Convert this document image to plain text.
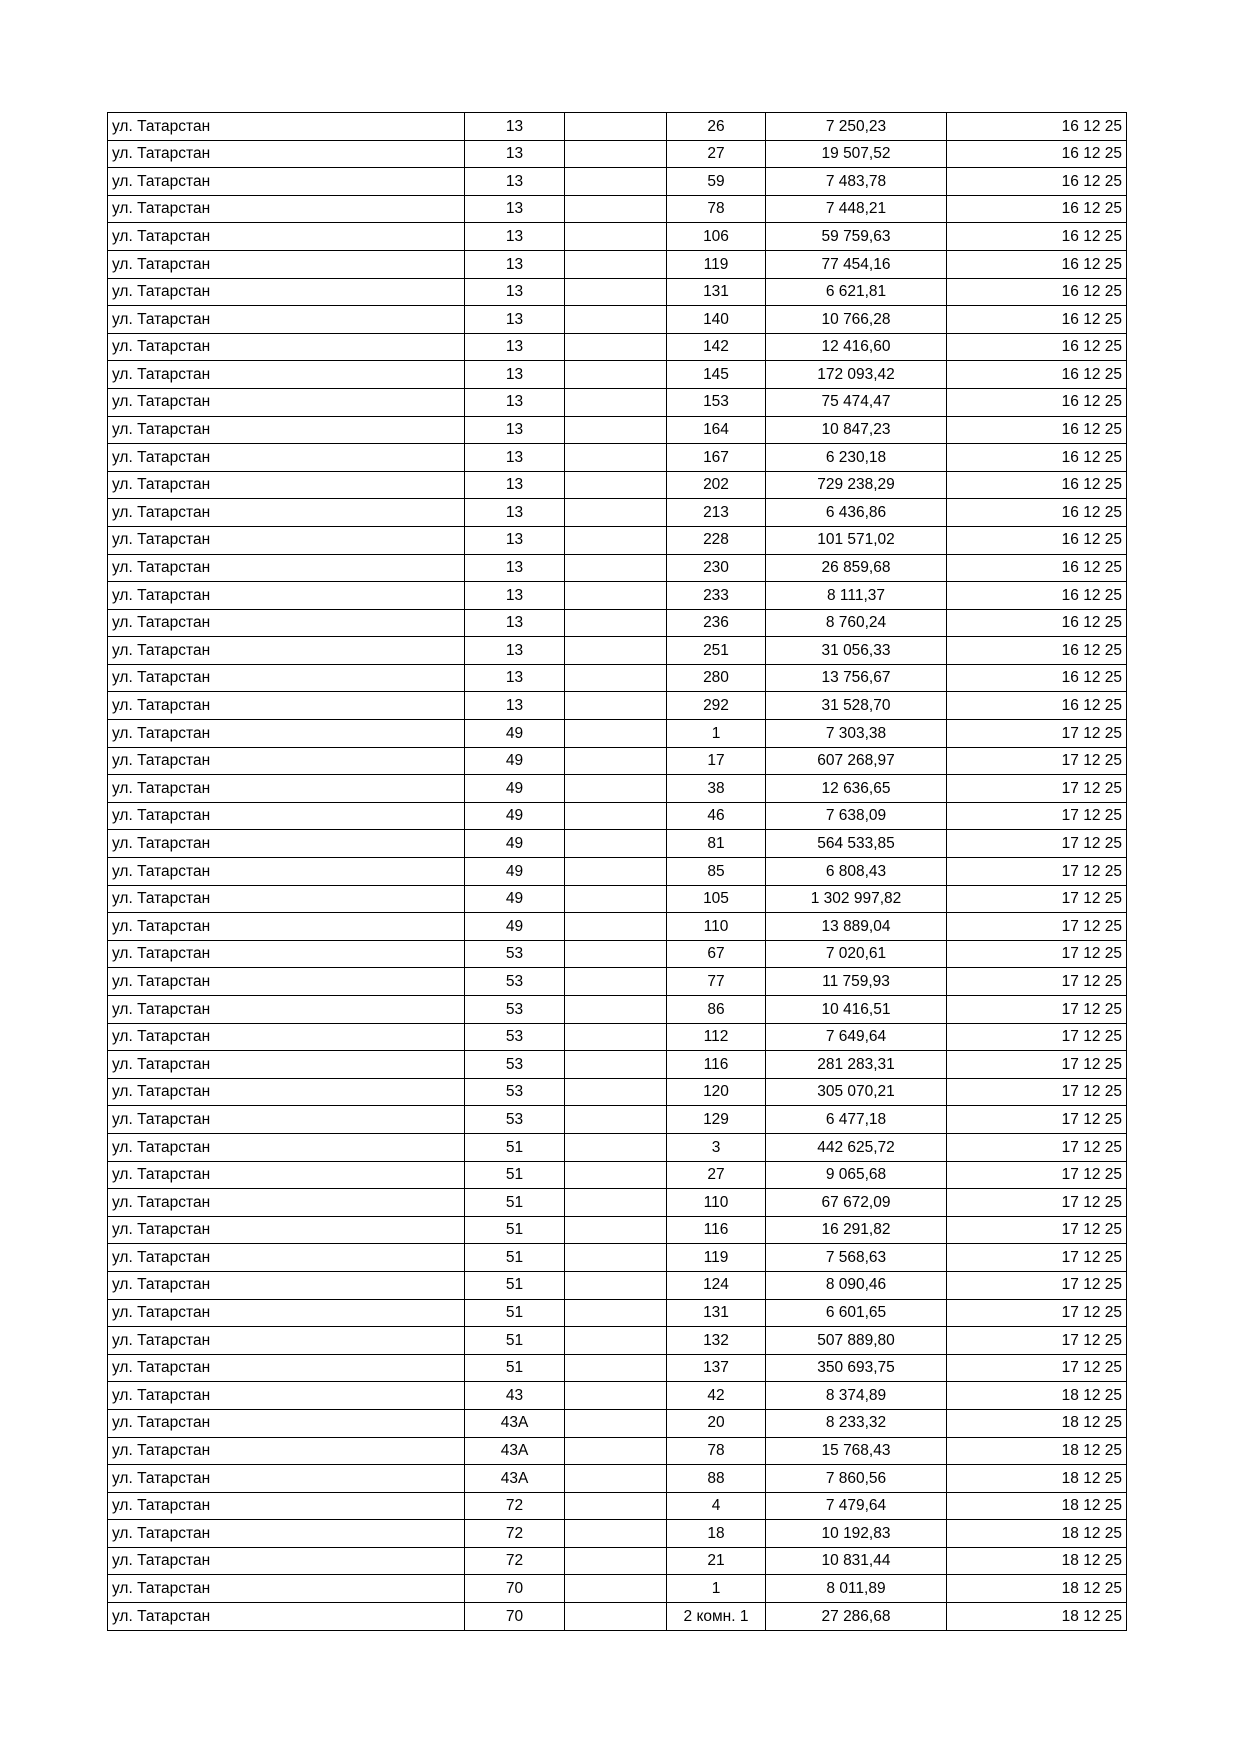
ул. Татарстан	13		26	7 250,23	16 12 25
ул. Татарстан	13		27	19 507,52	16 12 25
ул. Татарстан	13		59	7 483,78	16 12 25
ул. Татарстан	13		78	7 448,21	16 12 25
ул. Татарстан	13		106	59 759,63	16 12 25
ул. Татарстан	13		119	77 454,16	16 12 25
ул. Татарстан	13		131	6 621,81	16 12 25
ул. Татарстан	13		140	10 766,28	16 12 25
ул. Татарстан	13		142	12 416,60	16 12 25
ул. Татарстан	13		145	172 093,42	16 12 25
ул. Татарстан	13		153	75 474,47	16 12 25
ул. Татарстан	13		164	10 847,23	16 12 25
ул. Татарстан	13		167	6 230,18	16 12 25
ул. Татарстан	13		202	729 238,29	16 12 25
ул. Татарстан	13		213	6 436,86	16 12 25
ул. Татарстан	13		228	101 571,02	16 12 25
ул. Татарстан	13		230	26 859,68	16 12 25
ул. Татарстан	13		233	8 111,37	16 12 25
ул. Татарстан	13		236	8 760,24	16 12 25
ул. Татарстан	13		251	31 056,33	16 12 25
ул. Татарстан	13		280	13 756,67	16 12 25
ул. Татарстан	13		292	31 528,70	16 12 25
ул. Татарстан	49		1	7 303,38	17 12 25
ул. Татарстан	49		17	607 268,97	17 12 25
ул. Татарстан	49		38	12 636,65	17 12 25
ул. Татарстан	49		46	7 638,09	17 12 25
ул. Татарстан	49		81	564 533,85	17 12 25
ул. Татарстан	49		85	6 808,43	17 12 25
ул. Татарстан	49		105	1 302 997,82	17 12 25
ул. Татарстан	49		110	13 889,04	17 12 25
ул. Татарстан	53		67	7 020,61	17 12 25
ул. Татарстан	53		77	11 759,93	17 12 25
ул. Татарстан	53		86	10 416,51	17 12 25
ул. Татарстан	53		112	7 649,64	17 12 25
ул. Татарстан	53		116	281 283,31	17 12 25
ул. Татарстан	53		120	305 070,21	17 12 25
ул. Татарстан	53		129	6 477,18	17 12 25
ул. Татарстан	51		3	442 625,72	17 12 25
ул. Татарстан	51		27	9 065,68	17 12 25
ул. Татарстан	51		110	67 672,09	17 12 25
ул. Татарстан	51		116	16 291,82	17 12 25
ул. Татарстан	51		119	7 568,63	17 12 25
ул. Татарстан	51		124	8 090,46	17 12 25
ул. Татарстан	51		131	6 601,65	17 12 25
ул. Татарстан	51		132	507 889,80	17 12 25
ул. Татарстан	51		137	350 693,75	17 12 25
ул. Татарстан	43		42	8 374,89	18 12 25
ул. Татарстан	43А		20	8 233,32	18 12 25
ул. Татарстан	43А		78	15 768,43	18 12 25
ул. Татарстан	43А		88	7 860,56	18 12 25
ул. Татарстан	72		4	7 479,64	18 12 25
ул. Татарстан	72		18	10 192,83	18 12 25
ул. Татарстан	72		21	10 831,44	18 12 25
ул. Татарстан	70		1	8 011,89	18 12 25
ул. Татарстан	70		2 комн. 1	27 286,68	18 12 25
